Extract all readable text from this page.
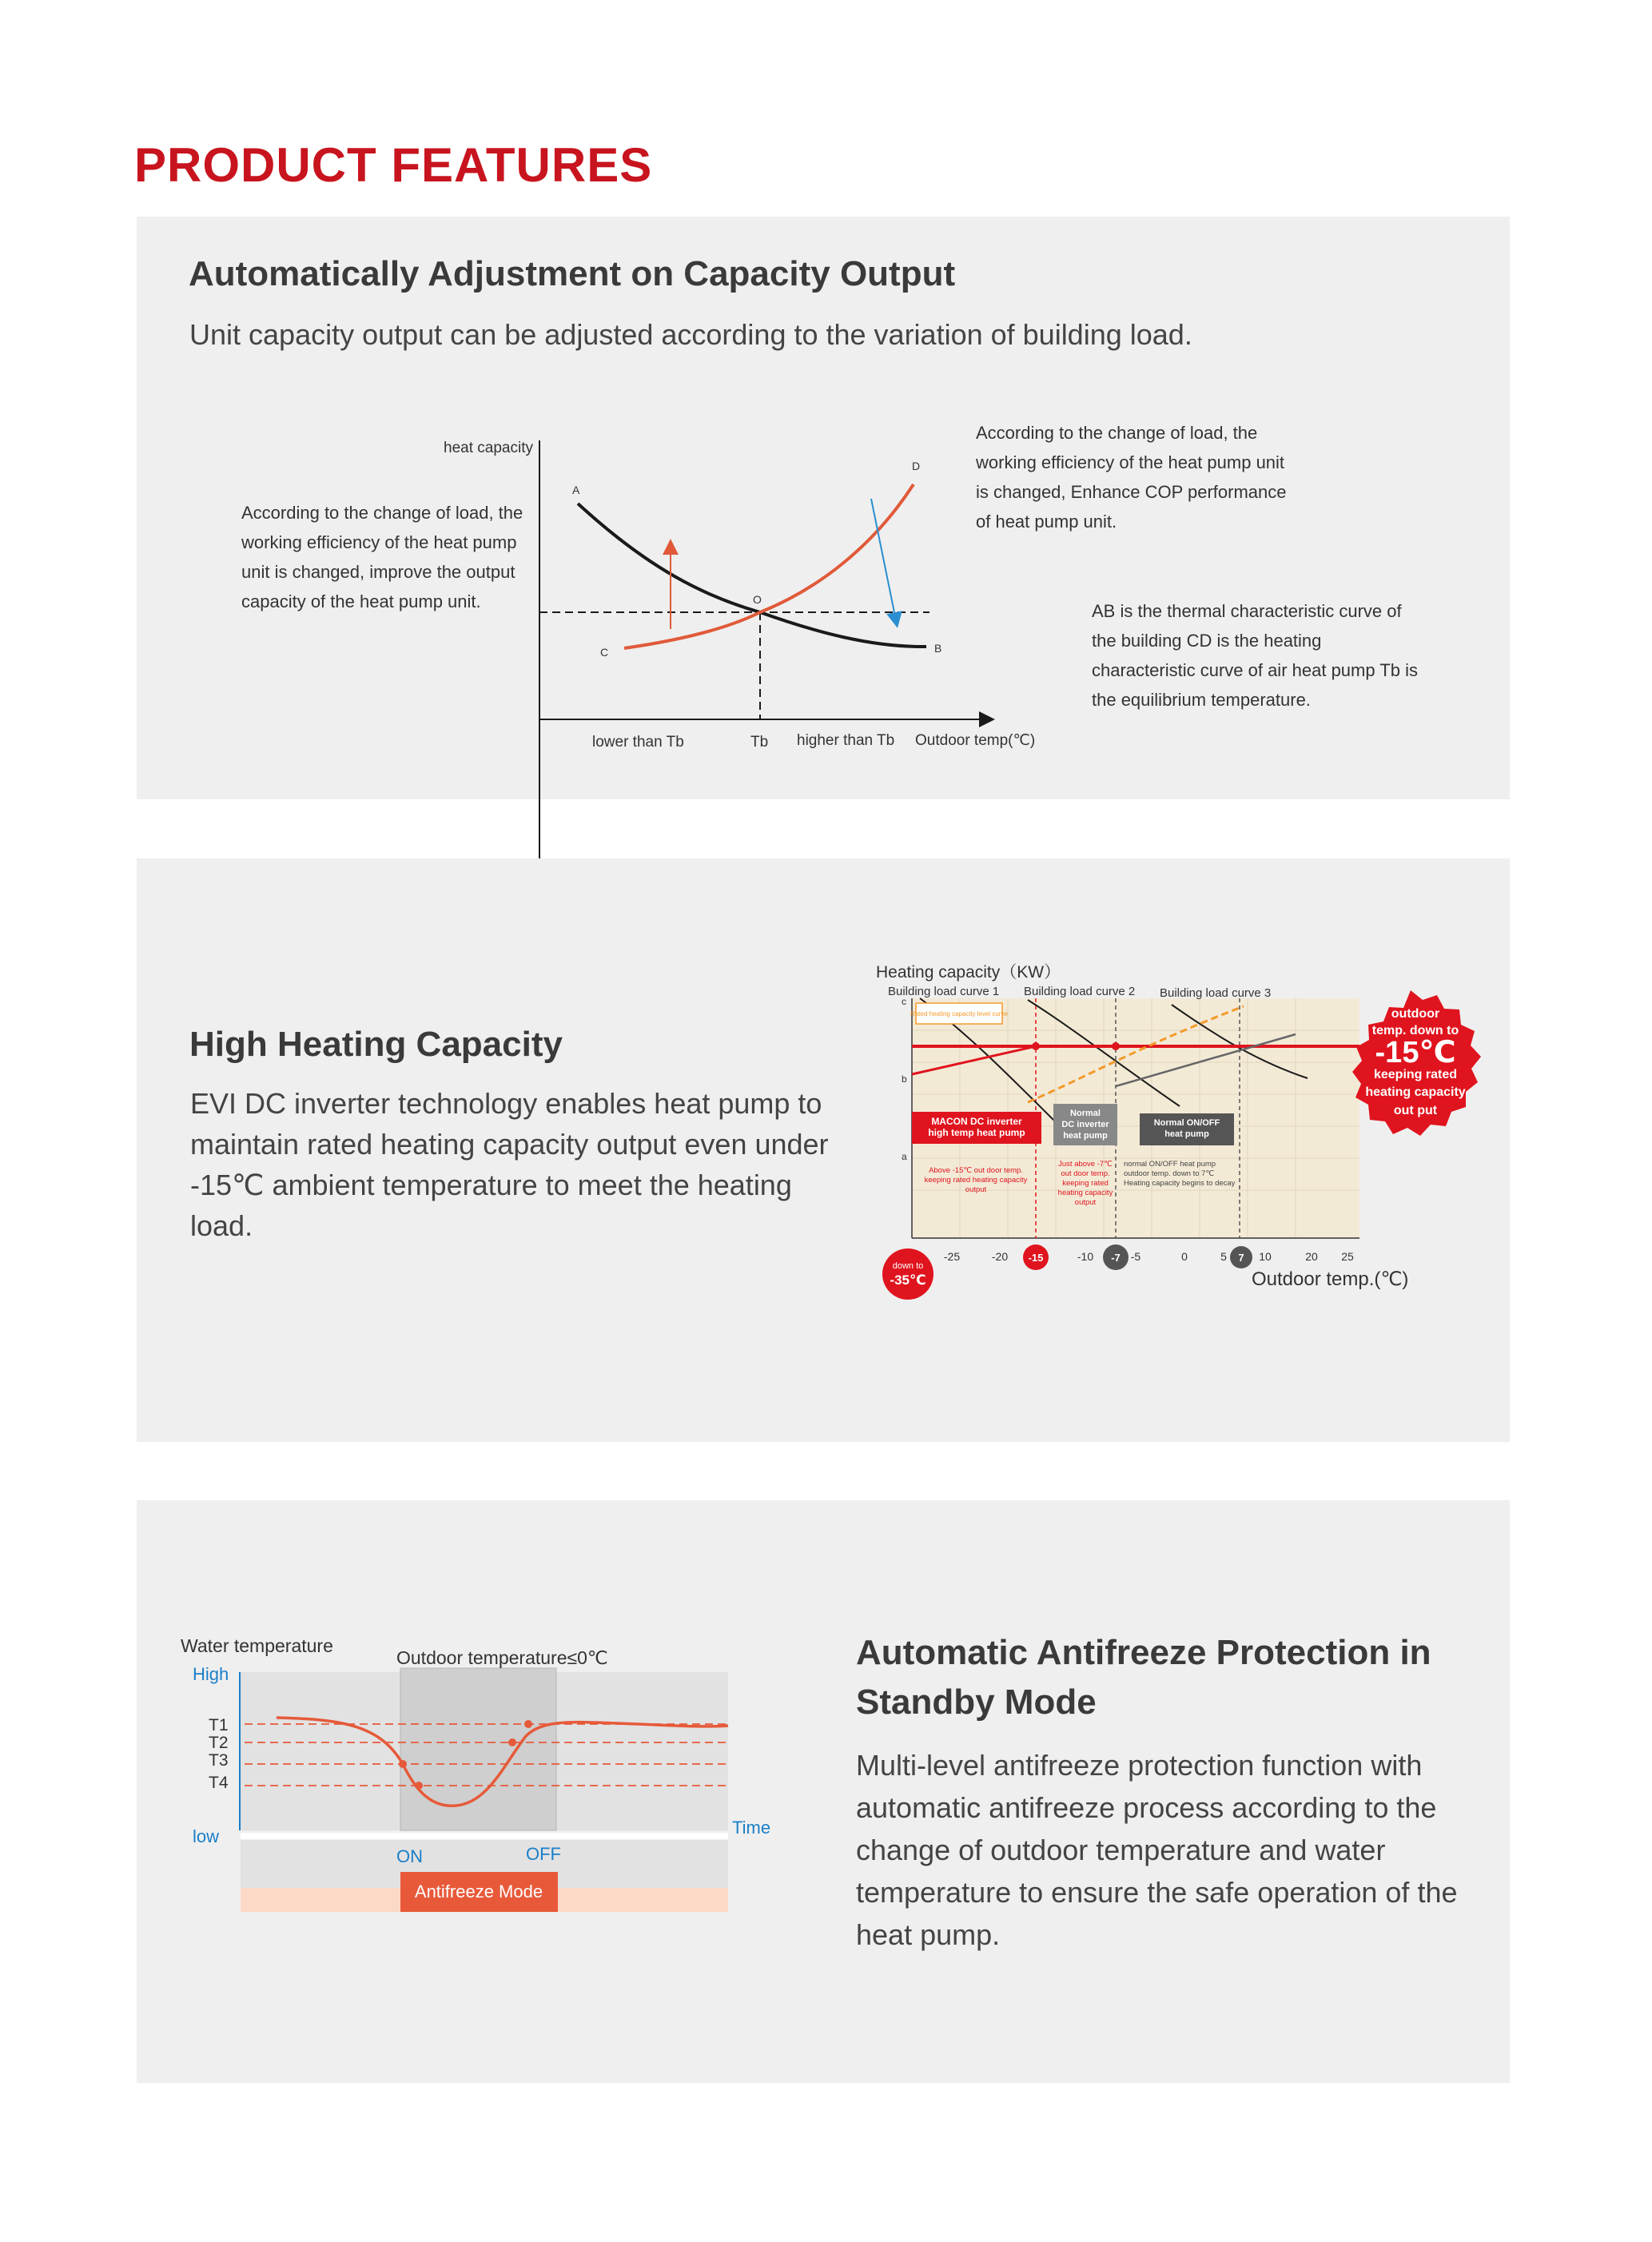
PRODUCT FEATURES
Automatically Adjustment on Capacity Output

Unit capacity output can be adjusted according to the variation of building load.

According to the change of load, the working efficiency of the heat pump unit is changed, improve the output capacity of the heat pump unit.

According to the change of load, the working efficiency of the heat pump unit is changed, Enhance COP performance of heat pump unit.

AB is the thermal characteristic curve of the building CD is the heating characteristic curve of air heat pump Tb is the equilibrium temperature.

heat capacity
A
B
C
D
O
lower than Tb	Tb higher than Tb Outdoor temp(℃)
High Heating Capacity

EVI DC inverter technology enables heat pump to maintain rated heating capacity output even under -15℃ ambient temperature to meet the heating load.

Rated heating capacity level curve
MACON DC inverter high temp heat pump
Normal DC inverter heat pump
Normal ON/OFF heat pump
Above -15℃ out door temp. keeping rated heating capacity output
Just above -7℃ out door temp. keeping rated heating capacity output
normal ON/OFF heat pump outdoor temp. down to 7℃ Heating capacity begins to decay
Heating capacity（KW）
Building load curve 1 Building load curve 2 Building load curve 3
c
b
a
-25	-20 -15	-10 -7 -5	0	5 7 10	20 25
Outdoor temp.(℃)
down to
-35℃
outdoor
temp. down to
-15℃
keeping rated
heating capacity
out put
Automatic Antifreeze Protection in Standby Mode

Multi-level antifreeze protection function with automatic antifreeze process according to the change of outdoor temperature and water temperature to ensure the safe operation of the heat pump.

Water temperature
Outdoor temperature≤0℃
High
T1
T2
T3
T4
low	Time
ON	OFF
Antifreeze Mode
